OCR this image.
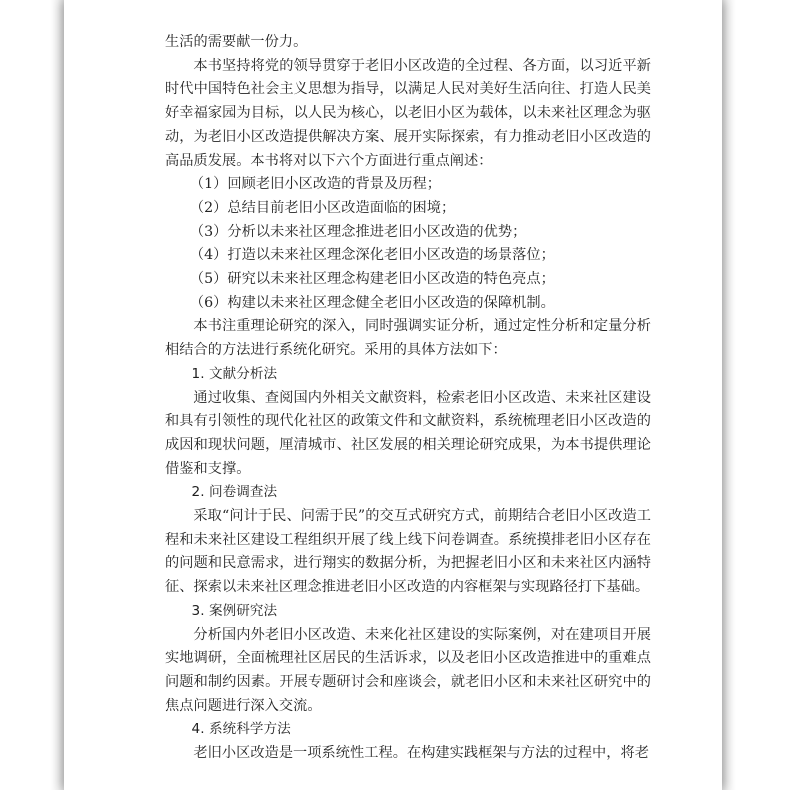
生活的需要献一份力。

本书坚持将党的领导贯穿于老旧小区改造的全过程、各方面，以习近平新时代中国特色社会主义思想为指导，以满足人民对美好生活向往、打造人民美好幸福家园为目标，以人民为核心，以老旧小区为载体，以未来社区理念为驱动，为老旧小区改造提供解决方案、展开实际探索，有力推动老旧小区改造的高品质发展。本书将对以下六个方面进行重点阐述：

（1）回顾老旧小区改造的背景及历程；

（2）总结目前老旧小区改造面临的困境；

（3）分析以未来社区理念推进老旧小区改造的优势；

（4）打造以未来社区理念深化老旧小区改造的场景落位；

（5）研究以未来社区理念构建老旧小区改造的特色亮点；

（6）构建以未来社区理念健全老旧小区改造的保障机制。

本书注重理论研究的深入，同时强调实证分析，通过定性分析和定量分析相结合的方法进行系统化研究。采用的具体方法如下：

1. 文献分析法

通过收集、查阅国内外相关文献资料，检索老旧小区改造、未来社区建设和具有引领性的现代化社区的政策文件和文献资料，系统梳理老旧小区改造的成因和现状问题，厘清城市、社区发展的相关理论研究成果，为本书提供理论借鉴和支撑。

2. 问卷调查法

采取“问计于民、问需于民”的交互式研究方式，前期结合老旧小区改造工程和未来社区建设工程组织开展了线上线下问卷调查。系统摸排老旧小区存在的问题和民意需求，进行翔实的数据分析，为把握老旧小区和未来社区内涵特征、探索以未来社区理念推进老旧小区改造的内容框架与实现路径打下基础。

3. 案例研究法

分析国内外老旧小区改造、未来化社区建设的实际案例，对在建项目开展实地调研，全面梳理社区居民的生活诉求，以及老旧小区改造推进中的重难点问题和制约因素。开展专题研讨会和座谈会，就老旧小区和未来社区研究中的焦点问题进行深入交流。

4. 系统科学方法

老旧小区改造是一项系统性工程。在构建实践框架与方法的过程中，将老
